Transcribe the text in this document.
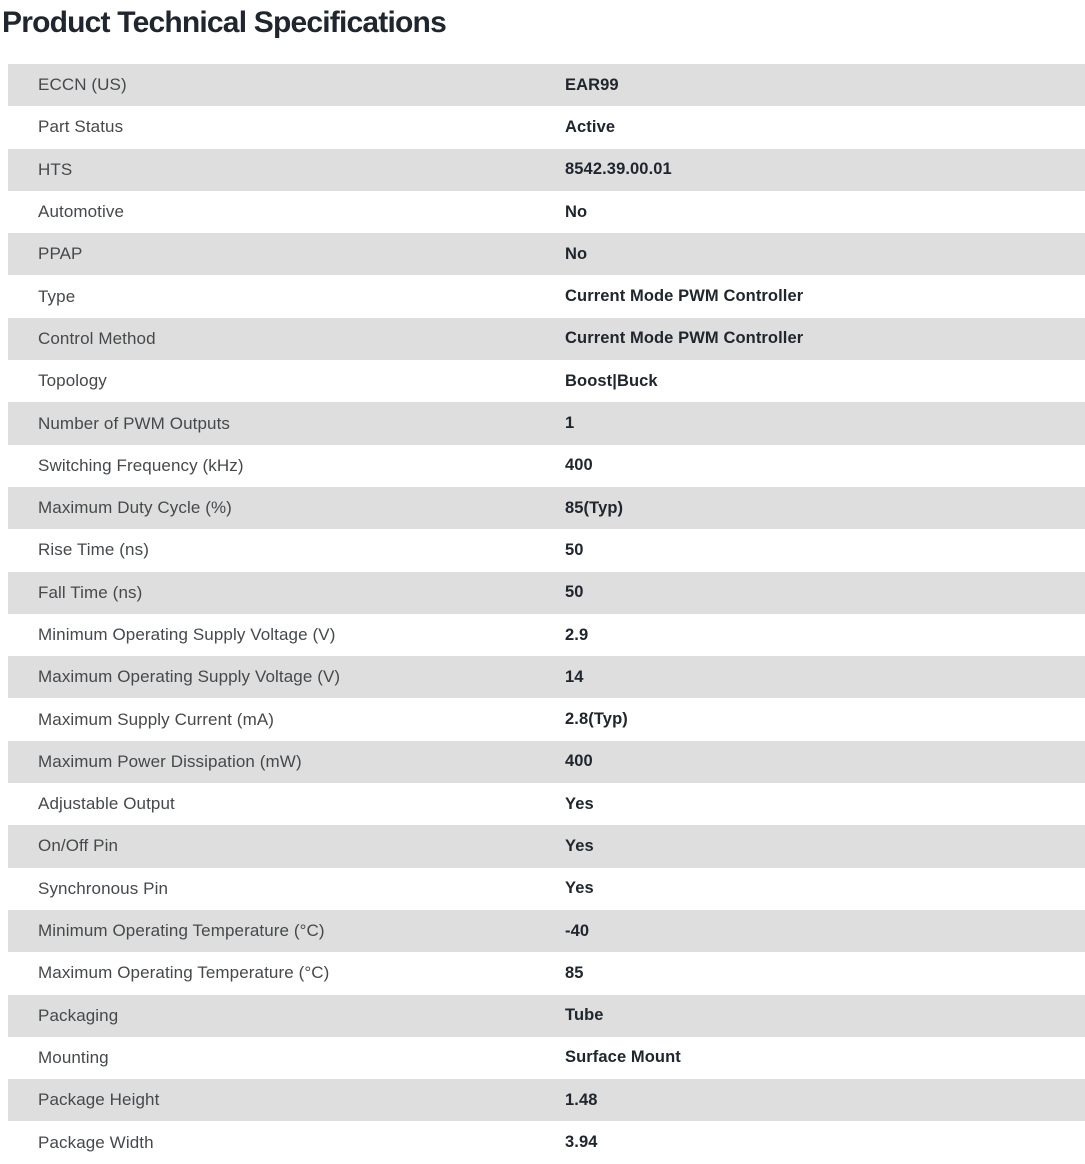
Product Technical Specifications
ECCN (US)	EAR99
Part Status	Active
HTS	8542.39.00.01
Automotive	No
PPAP	No
Type	Current Mode PWM Controller
Control Method	Current Mode PWM Controller
Topology	Boost|Buck
Number of PWM Outputs	1
Switching Frequency (kHz)	400
Maximum Duty Cycle (%)	85(Typ)
Rise Time (ns)	50
Fall Time (ns)	50
Minimum Operating Supply Voltage (V)	2.9
Maximum Operating Supply Voltage (V)	14
Maximum Supply Current (mA)	2.8(Typ)
Maximum Power Dissipation (mW)	400
Adjustable Output	Yes
On/Off Pin	Yes
Synchronous Pin	Yes
Minimum Operating Temperature (°C)	-40
Maximum Operating Temperature (°C)	85
Packaging	Tube
Mounting	Surface Mount
Package Height	1.48
Package Width	3.94
